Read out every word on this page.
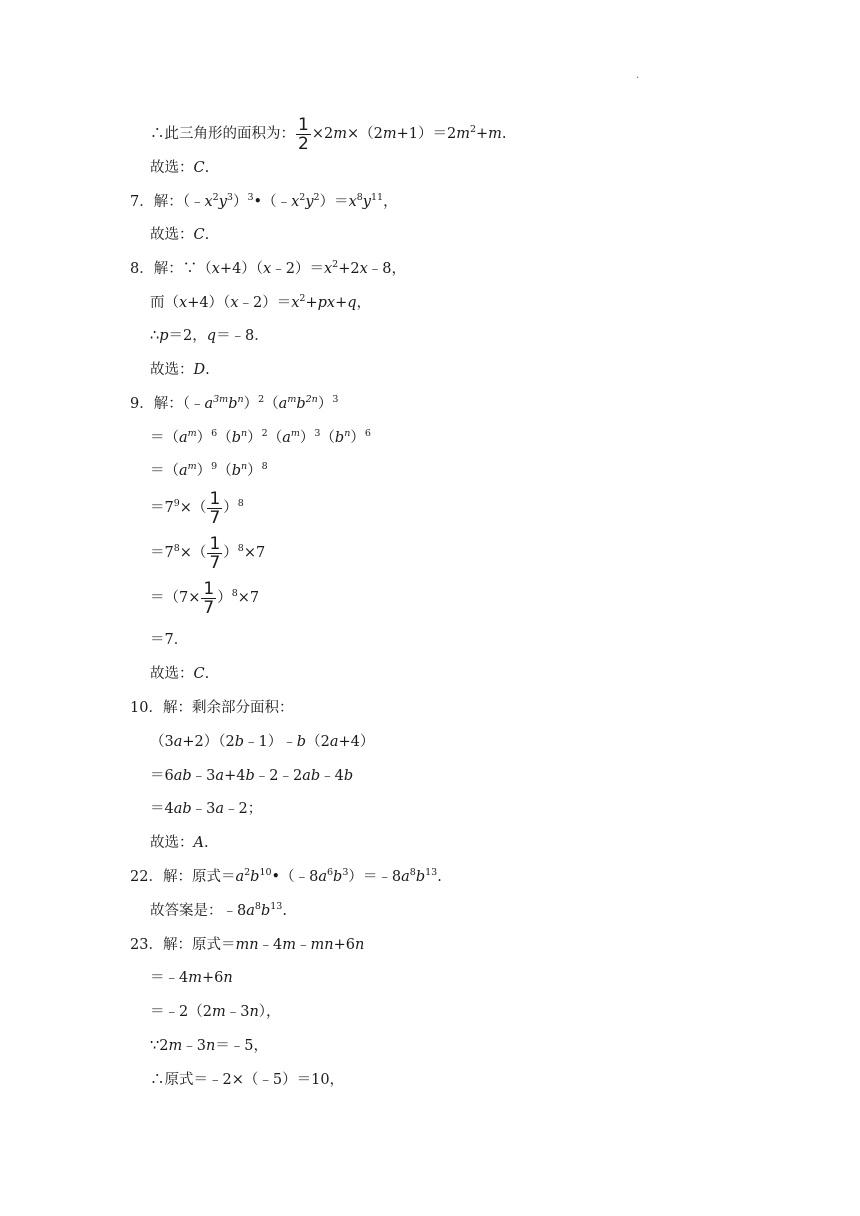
.
∴此三角形的面积为： $\frac{1}{2} \times 2m\times(2m+1)=2m^2+m$.
故选：C.
7．解：$(﹣x^2y^3)^3•(﹣x^2y^2)=x^8y^{11}$，
故选：C.
8．解：$\because(x+4)(x﹣2)=x^2+2x﹣8$，
而$(x+4)(x﹣2)=x^2+px+q$，
∴p＝2，q＝﹣8．
故选：D.
9．解：$(﹣a^{3m}b^n)^2(a^mb^{2n})^3$
$=(a^m)^6(b^n)^2(a^m)^3(b^n)^6$
$=(a^m)^9(b^n)^8$
$=7^9\times( \frac{1}{7} )^8$
$=7^8\times( \frac{1}{7} )^8\times 7$
$=(7\times \frac{1}{7} )^8\times 7$
＝7．
故选：C.
10．解：剩余部分面积：
（3a+2）（2b﹣1）﹣b（2a+4）
＝6ab﹣3a+4b﹣2﹣2ab﹣4b
＝4ab﹣3a﹣2；
故选：A.
22．解：原式$=a^2b^{10}•(﹣8a^6b^3)=﹣8a^8b^{13}$.
故答案是：$﹣8a^8b^{13}$.
23．解：原式＝mn﹣4m﹣mn+6n
＝﹣4m+6n
＝﹣2（2m﹣3n），
∵2m﹣3n＝﹣5，
∴原式＝﹣2×（﹣5）＝10，
